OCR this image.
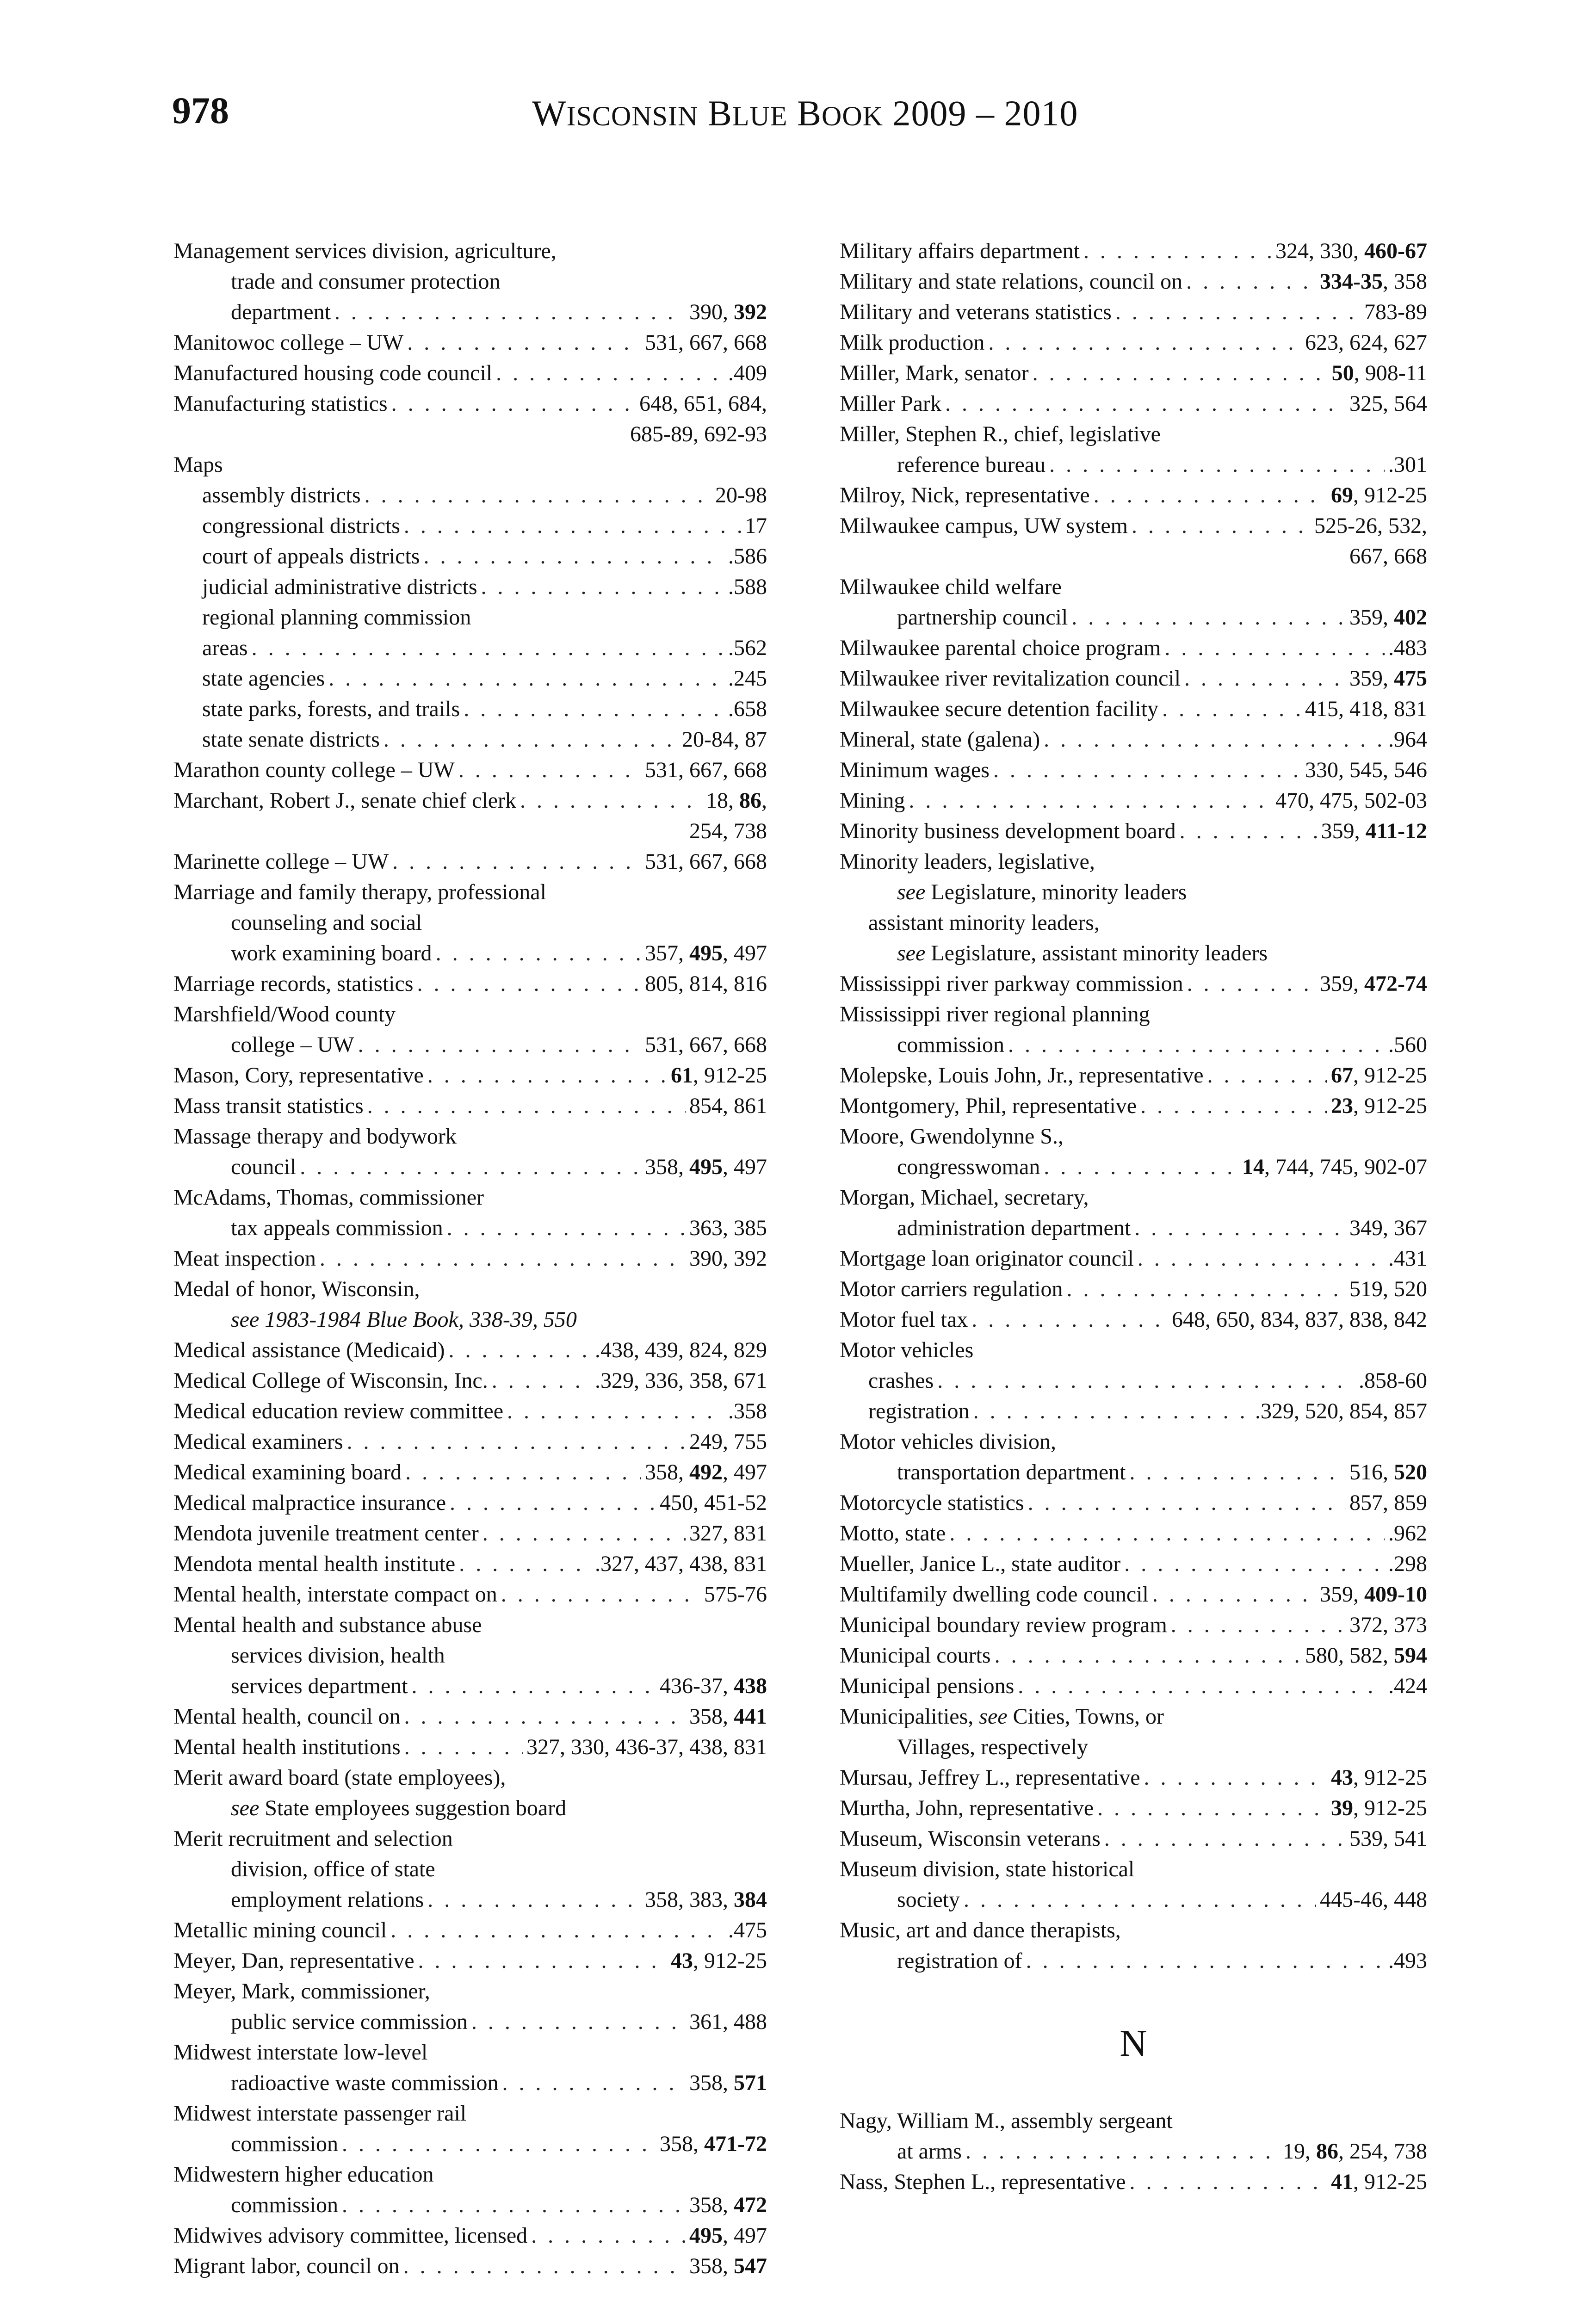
978	WISCONSIN BLUE BOOK 2009 – 2010
Management services division, agriculture,
trade and consumer protection
department . . .	390, 392
Manitowoc college – UW . . .	531, 667, 668
Manufactured housing code council . . .	.409
Manufacturing statistics . . .	648, 651, 684,
685-89, 692-93
Maps
assembly districts . . .	20-98
congressional districts . . .	17
court of appeals districts . . .	.586
judicial administrative districts . . .	.588
regional planning commission
areas . . .	.562
state agencies . . .	.245
state parks, forests, and trails . . .	.658
state senate districts . . .	20-84, 87
Marathon county college – UW . . .	531, 667, 668
Marchant, Robert J., senate chief clerk . . .	18, 86,
254, 738
Marinette college – UW . . .	531, 667, 668
Marriage and family therapy, professional
counseling and social
work examining board . . .	357, 495, 497
Marriage records, statistics . . .	805, 814, 816
Marshfield/Wood county
college – UW . . .	531, 667, 668
Mason, Cory, representative . . .	61, 912-25
Mass transit statistics . . .	854, 861
Massage therapy and bodywork
council . . .	358, 495, 497
McAdams, Thomas, commissioner
tax appeals commission . . .	363, 385
Meat inspection . . .	390, 392
Medal of honor, Wisconsin,
see 1983-1984 Blue Book, 338-39, 550
Medical assistance (Medicaid) . . .	.438, 439, 824, 829
Medical College of Wisconsin, Inc. . . .	.329, 336, 358, 671
Medical education review committee . . .	.358
Medical examiners . . .	249, 755
Medical examining board . . .	358, 492, 497
Medical malpractice insurance . . .	450, 451-52
Mendota juvenile treatment center . . .	327, 831
Mendota mental health institute . . .	.327, 437, 438, 831
Mental health, interstate compact on . . .	575-76
Mental health and substance abuse
services division, health
services department . . .	436-37, 438
Mental health, council on . . .	358, 441
Mental health institutions . . .	327, 330, 436-37, 438, 831
Merit award board (state employees),
see State employees suggestion board
Merit recruitment and selection
division, office of state
employment relations . . .	358, 383, 384
Metallic mining council . . .	.475
Meyer, Dan, representative . . .	43, 912-25
Meyer, Mark, commissioner,
public service commission . . .	361, 488
Midwest interstate low-level
radioactive waste commission . . .	358, 571
Midwest interstate passenger rail
commission . . .	358, 471-72
Midwestern higher education
commission . . .	358, 472
Midwives advisory committee, licensed . . .	495, 497
Migrant labor, council on . . .	358, 547
Military affairs department . . .	324, 330, 460-67
Military and state relations, council on . . .	334-35, 358
Military and veterans statistics . . .	783-89
Milk production . . .	623, 624, 627
Miller, Mark, senator . . .	50, 908-11
Miller Park . . .	325, 564
Miller, Stephen R., chief, legislative
reference bureau . . .	.301
Milroy, Nick, representative . . .	69, 912-25
Milwaukee campus, UW system . . .	525-26, 532,
667, 668
Milwaukee child welfare
partnership council . . .	359, 402
Milwaukee parental choice program . . .	.483
Milwaukee river revitalization council . . .	359, 475
Milwaukee secure detention facility . . .	415, 418, 831
Mineral, state (galena) . . .	.964
Minimum wages . . .	330, 545, 546
Mining . . .	470, 475, 502-03
Minority business development board . . .	359, 411-12
Minority leaders, legislative,
see Legislature, minority leaders
assistant minority leaders,
see Legislature, assistant minority leaders
Mississippi river parkway commission . . .	359, 472-74
Mississippi river regional planning
commission . . .	.560
Molepske, Louis John, Jr., representative . . .	67, 912-25
Montgomery, Phil, representative . . .	23, 912-25
Moore, Gwendolynne S.,
congresswoman . . .	14, 744, 745, 902-07
Morgan, Michael, secretary,
administration department . . .	349, 367
Mortgage loan originator council . . .	.431
Motor carriers regulation . . .	519, 520
Motor fuel tax . . .	648, 650, 834, 837, 838, 842
Motor vehicles
crashes . . .	.858-60
registration . . .	.329, 520, 854, 857
Motor vehicles division,
transportation department . . .	516, 520
Motorcycle statistics . . .	857, 859
Motto, state . . .	.962
Mueller, Janice L., state auditor . . .	.298
Multifamily dwelling code council . . .	359, 409-10
Municipal boundary review program . . .	372, 373
Municipal courts . . .	580, 582, 594
Municipal pensions . . .	.424
Municipalities, see Cities, Towns, or
Villages, respectively
Mursau, Jeffrey L., representative . . .	43, 912-25
Murtha, John, representative . . .	39, 912-25
Museum, Wisconsin veterans . . .	539, 541
Museum division, state historical
society . . .	445-46, 448
Music, art and dance therapists,
registration of . . .	.493
N
Nagy, William M., assembly sergeant
at arms . . .	19, 86, 254, 738
Nass, Stephen L., representative . . .	41, 912-25
